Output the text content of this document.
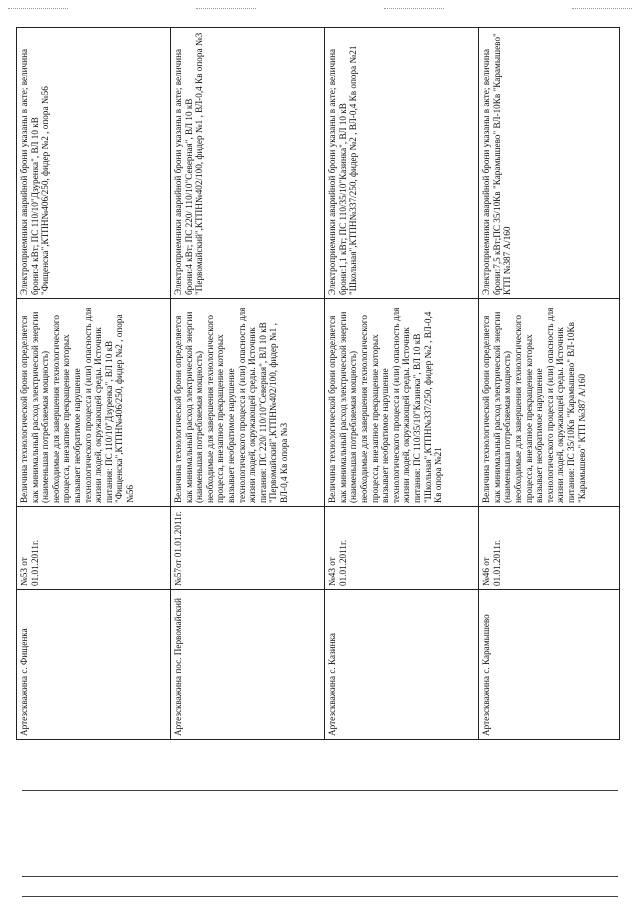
Артезскважина с. Фищенка	№53 от 01.01.2011г.	Величина технологической брони определяется как минимальный расход электрической энергии (наименьшая потребляемая мощность) необходимые для завершения технологического процесса, внезапное прекращение которых вызывает необратимое нарушение технологического процесса и (или) опасность для жизни людей, окружающей среды. Источник питания: ПС 110/10"Дзуренка", ВЛ 10 кВ "Фищенска",КТПН№406/250, фидер №2 , опора №56	Электроприемники аварийной брони указаны в акте; величина брони:4 кВт; ПС 110/10"Дзуренка", ВЛ 10 кВ "Фищенска",КТПН№406/250, фидер №2 , опора №56
Артезскважина пос. Первомайский	№57от 01.01.2011г.	Величина технологической брони определяется как минимальный расход электрической энергии (наименьшая потребляемая мощность) необходимые для завершения технологического процесса, внезапное прекращение которых вызывает необратимое нарушение технологического процесса и (или) опасность для жизни людей, окружающей среды. Источник питания: ПС 220/ 110/10"Северная", ВЛ 10 кВ "Первомайский",КТПН№402/100, фидер №1 , ВЛ-0,4 Кв опора №3	Электроприемники аварийной брони указаны в акте; величина брони:4 кВт; ПС 220/ 110/10"Северная", ВЛ 10 кВ "Первомайский",КТПН№402/100, фидер №1 , ВЛ-0,4 Кв опора №3
Артезскважина с. Казинка	№43 от 01.01.2011г.	Величина технологической брони определяется как минимальный расход электрической энергии (наименьшая потребляемая мощность) необходимые для завершения технологического процесса, внезапное прекращение которых вызывает необратимое нарушение технологического процесса и (или) опасность для жизни людей, окружающей среды. Источник питания: ПС 110/35/10"Казинка", ВЛ 10 кВ "Школьная",КТПН№337/250, фидер №2 , ВЛ-0,4 Кв опора №21	Электроприемники аварийной брони указаны в акте; величина брони:1,1 кВт; ПС 110/35/10"Казинка", ВЛ 10 кВ "Школьная",КТПН№337/250, фидер №2 , ВЛ-0,4 Кв опора №21
Артезскважина с. Карамышево	№46 от 01.01.2011г.	Величина технологической брони определяется как минимальный расход электрической энергии (наименьшая потребляемая мощность) необходимые для завершения технологического процесса, внезапное прекращение которых вызывает необратимое нарушение технологического процесса и (или) опасность для жизни людей, окружающей среды. Источник питания: ПС 35/10Кв "Карамышево" ВЛ-10Кв "Карамышево" КТП №387 А/160	Электроприемники аварийной брони указаны в акте; величина брони:7,5 кВт;ПС 35/10Кв "Карамышево" ВЛ-10Кв "Карамышево" КТП №387 А/160
